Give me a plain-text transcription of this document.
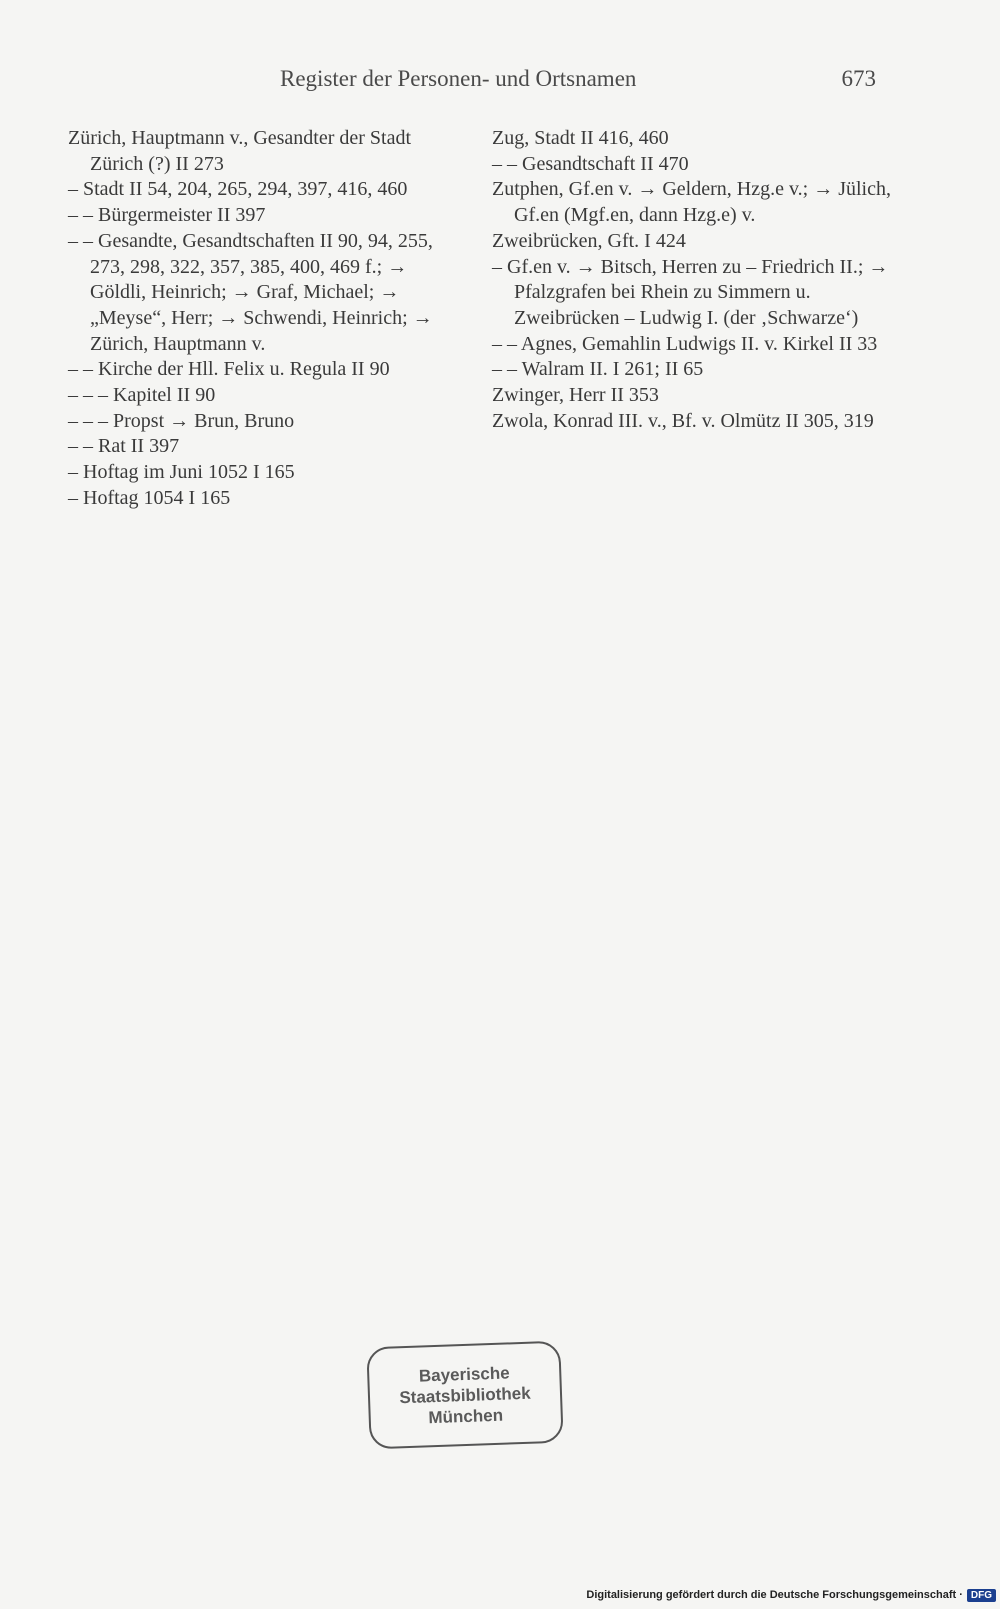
Register der Personen- und Ortsnamen	673
Zürich, Hauptmann v., Gesandter der Stadt Zürich (?) II 273
– Stadt II 54, 204, 265, 294, 397, 416, 460
– – Bürgermeister II 397
– – Gesandte, Gesandtschaften II 90, 94, 255, 273, 298, 322, 357, 385, 400, 469 f.; → Göldli, Heinrich; → Graf, Michael; → „Meyse“, Herr; → Schwendi, Heinrich; → Zürich, Hauptmann v.
– – Kirche der Hll. Felix u. Regula II 90
– – – Kapitel II 90
– – – Propst → Brun, Bruno
– – Rat II 397
– Hoftag im Juni 1052 I 165
– Hoftag 1054 I 165
Zug, Stadt II 416, 460
– – Gesandtschaft II 470
Zutphen, Gf.en v. → Geldern, Hzg.e v.; → Jülich, Gf.en (Mgf.en, dann Hzg.e) v.
Zweibrücken, Gft. I 424
– Gf.en v. → Bitsch, Herren zu – Friedrich II.; → Pfalzgrafen bei Rhein zu Simmern u. Zweibrücken – Ludwig I. (der ‚Schwarze‘)
– – Agnes, Gemahlin Ludwigs II. v. Kirkel II 33
– – Walram II. I 261; II 65
Zwinger, Herr II 353
Zwola, Konrad III. v., Bf. v. Olmütz II 305, 319
Bayerische
Staatsbibliothek
München
Digitalisierung gefördert durch die Deutsche Forschungsgemeinschaft · DFG
